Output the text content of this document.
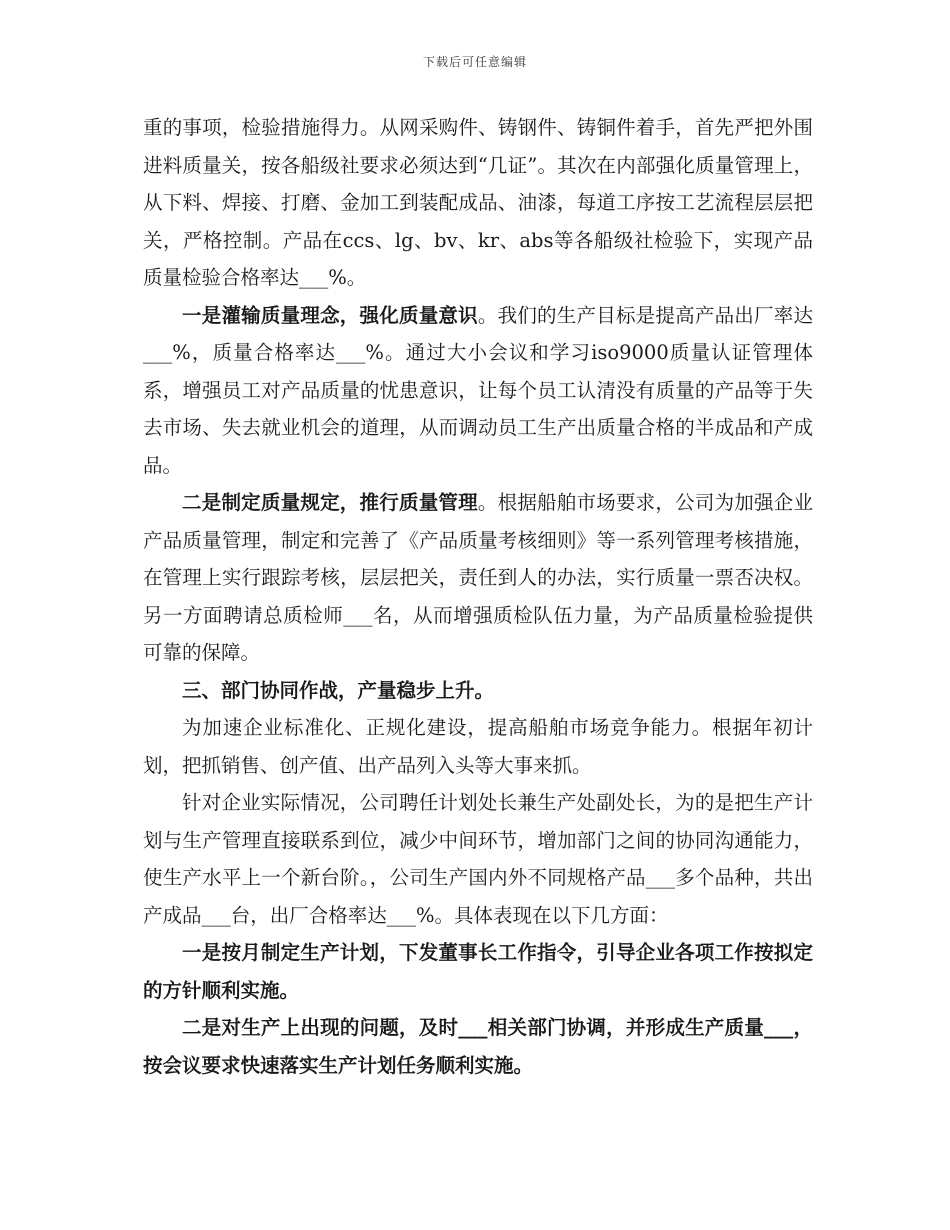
下载后可任意编辑

重的事项，检验措施得力。从网采购件、铸钢件、铸铜件着手，首先严把外围进料质量关，按各船级社要求必须达到“几证”。其次在内部强化质量管理上，从下料、焊接、打磨、金加工到装配成品、油漆，每道工序按工艺流程层层把关，严格控制。产品在ccs、lg、bv、kr、abs等各船级社检验下，实现产品质量检验合格率达___%。

一是灌输质量理念，强化质量意识。我们的生产目标是提高产品出厂率达___%，质量合格率达___%。通过大小会议和学习iso9000质量认证管理体系，增强员工对产品质量的忧患意识，让每个员工认清没有质量的产品等于失去市场、失去就业机会的道理，从而调动员工生产出质量合格的半成品和产成品。

二是制定质量规定，推行质量管理。根据船舶市场要求，公司为加强企业产品质量管理，制定和完善了《产品质量考核细则》等一系列管理考核措施，在管理上实行跟踪考核，层层把关，责任到人的办法，实行质量一票否决权。另一方面聘请总质检师___名，从而增强质检队伍力量，为产品质量检验提供可靠的保障。

三、部门协同作战，产量稳步上升。

为加速企业标准化、正规化建设，提高船舶市场竞争能力。根据年初计划，把抓销售、创产值、出产品列入头等大事来抓。

针对企业实际情况，公司聘任计划处长兼生产处副处长，为的是把生产计划与生产管理直接联系到位，减少中间环节，增加部门之间的协同沟通能力，使生产水平上一个新台阶。，公司生产国内外不同规格产品___多个品种，共出产成品___台，出厂合格率达___%。具体表现在以下几方面：

一是按月制定生产计划，下发董事长工作指令，引导企业各项工作按拟定的方针顺利实施。

二是对生产上出现的问题，及时___相关部门协调，并形成生产质量___，按会议要求快速落实生产计划任务顺利实施。
